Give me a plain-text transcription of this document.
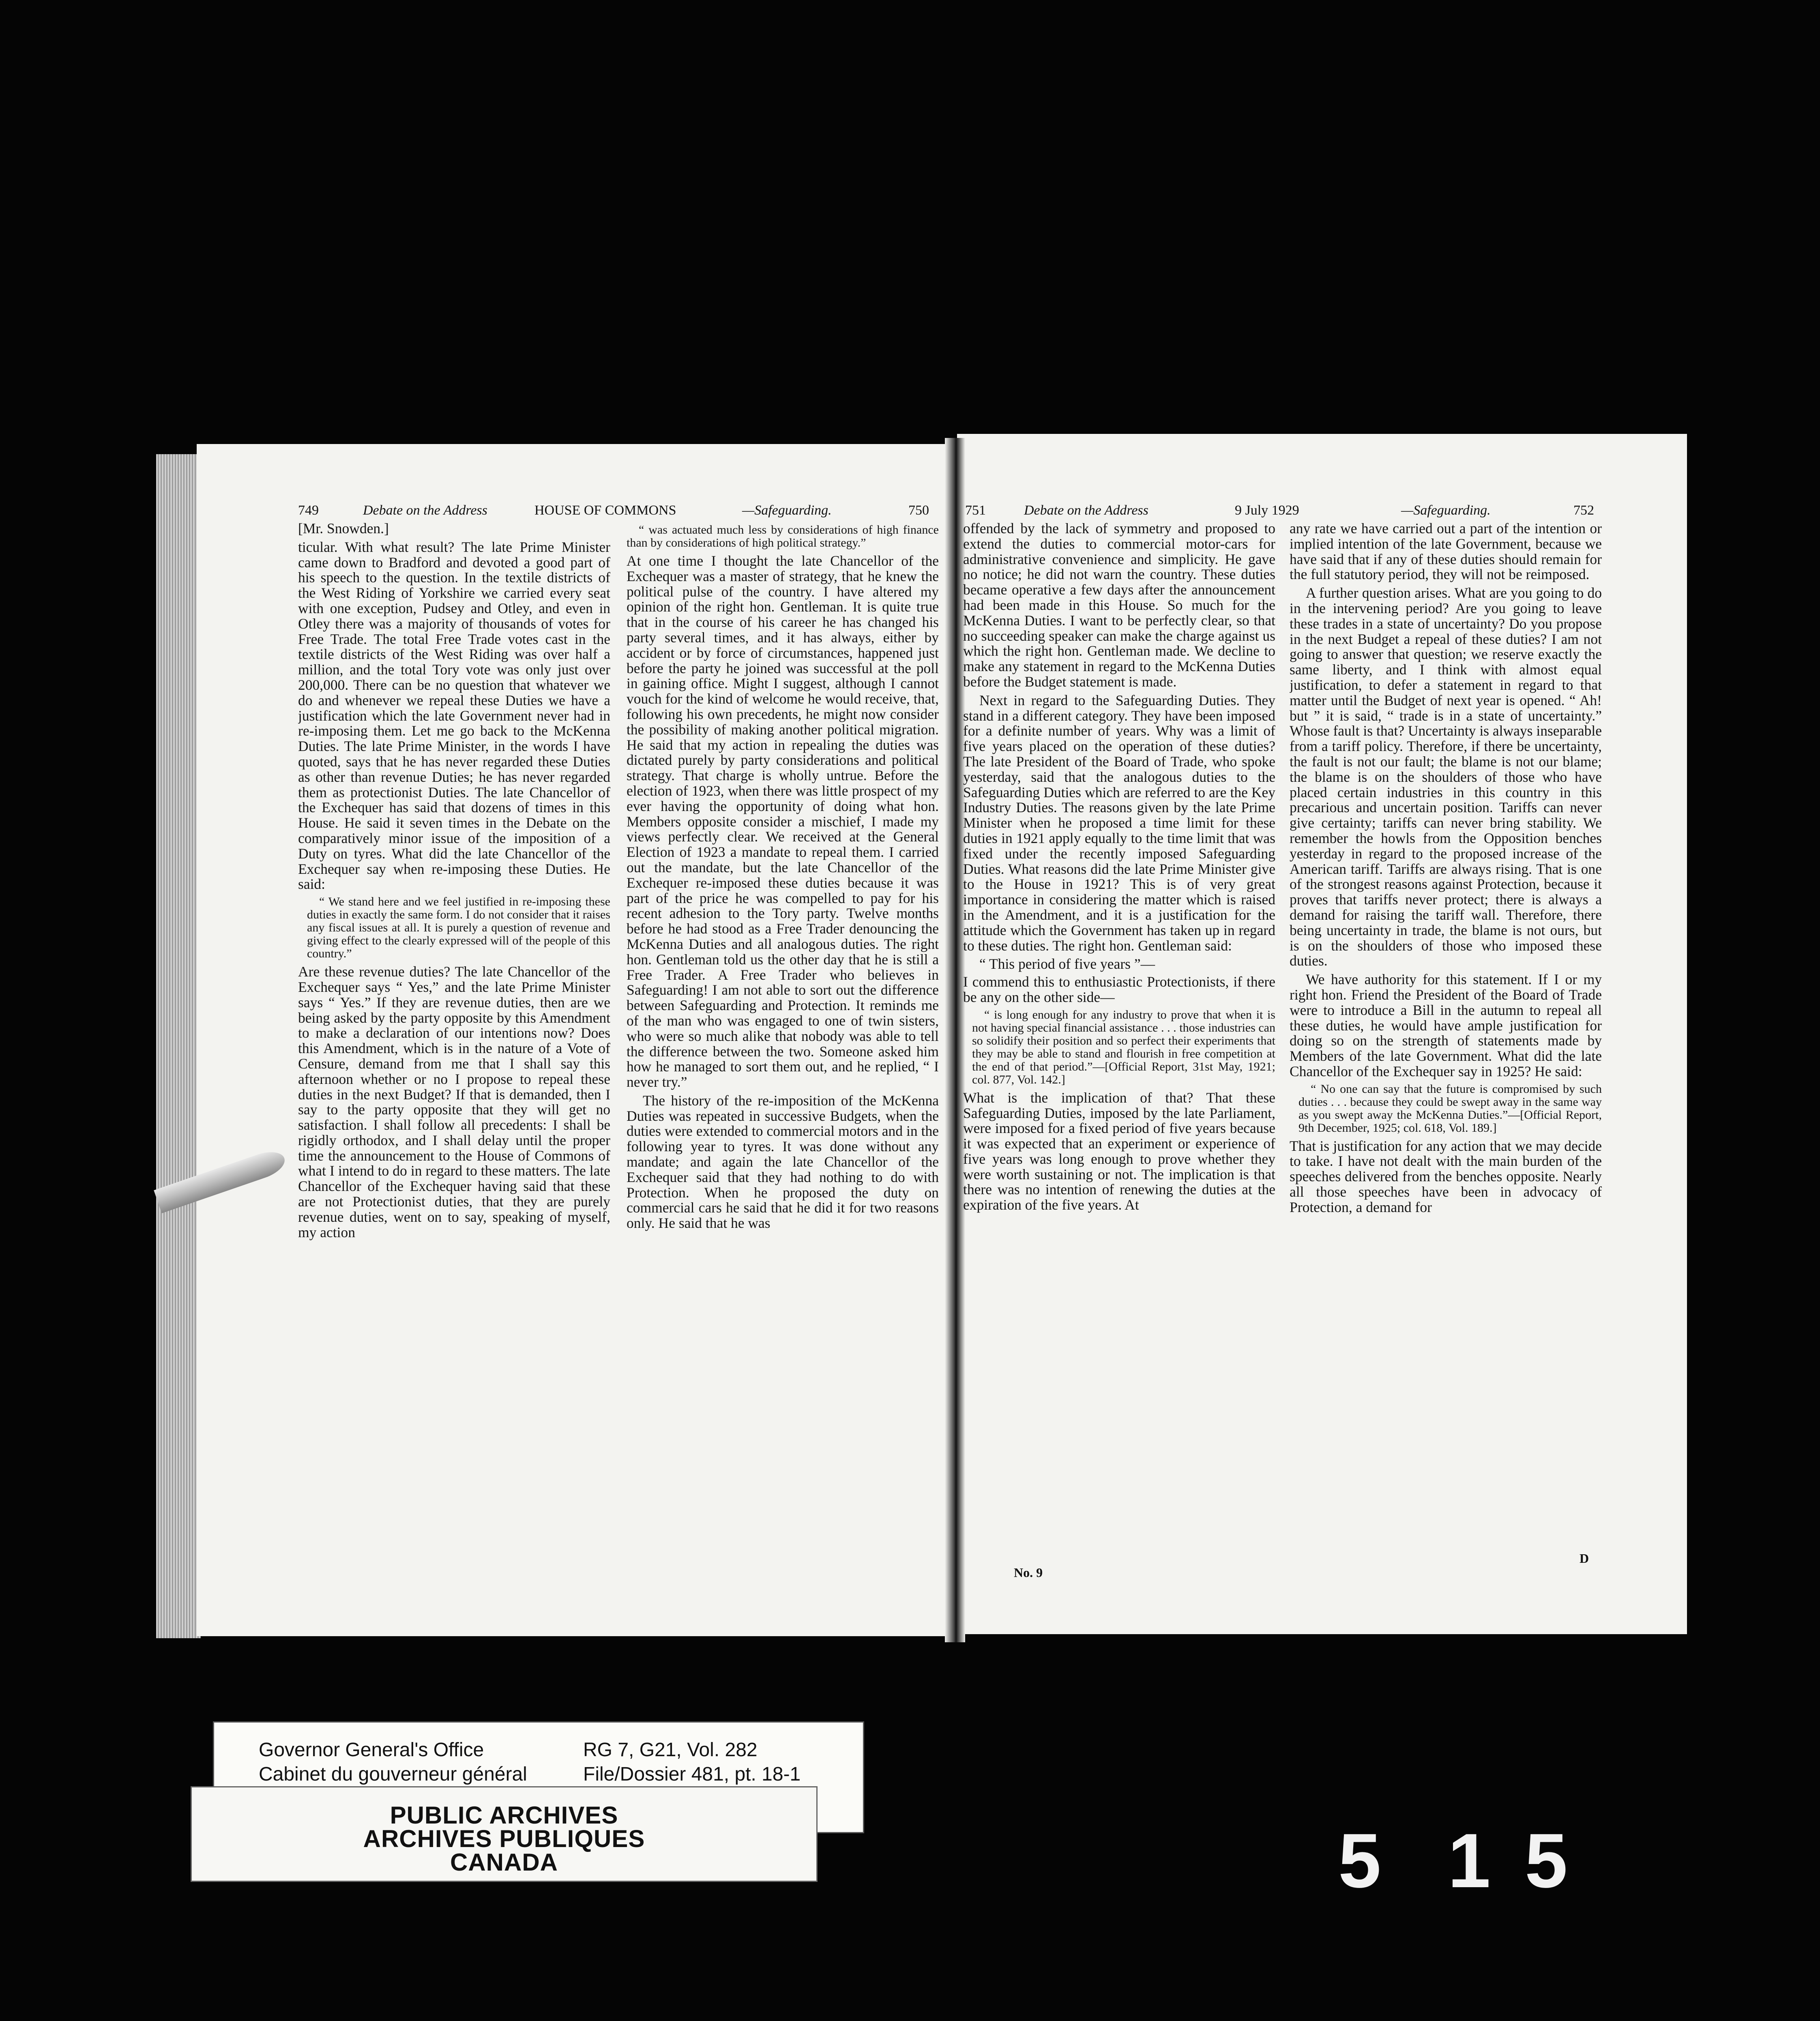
749	Debate on the Address	HOUSE OF COMMONS	—Safeguarding.	750	751	Debate on the Address	9 July 1929	—Safeguarding.	752

[Mr. Snowden.]

ticular. With what result? The late Prime Minister came down to Bradford and devoted a good part of his speech to the question. In the textile districts of the West Riding of Yorkshire we carried every seat with one exception, Pudsey and Otley, and even in Otley there was a majority of thousands of votes for Free Trade. The total Free Trade votes cast in the textile districts of the West Riding was over half a million, and the total Tory vote was only just over 200,000. There can be no question that whatever we do and whenever we repeal these Duties we have a justification which the late Government never had in re-imposing them. Let me go back to the McKenna Duties. The late Prime Minister, in the words I have quoted, says that he has never regarded these Duties as other than revenue Duties; he has never regarded them as protectionist Duties. The late Chancellor of the Exchequer has said that dozens of times in this House. He said it seven times in the Debate on the comparatively minor issue of the imposition of a Duty on tyres. What did the late Chancellor of the Exchequer say when re-imposing these Duties. He said:

“ We stand here and we feel justified in re-imposing these duties in exactly the same form. I do not consider that it raises any fiscal issues at all. It is purely a question of revenue and giving effect to the clearly expressed will of the people of this country.”

Are these revenue duties? The late Chancellor of the Exchequer says “ Yes,” and the late Prime Minister says “ Yes.” If they are revenue duties, then are we being asked by the party opposite by this Amendment to make a declaration of our intentions now? Does this Amendment, which is in the nature of a Vote of Censure, demand from me that I shall say this afternoon whether or no I propose to repeal these duties in the next Budget? If that is demanded, then I say to the party opposite that they will get no satisfaction. I shall follow all precedents: I shall be rigidly orthodox, and I shall delay until the proper time the announcement to the House of Commons of what I intend to do in regard to these matters. The late Chancellor of the Exchequer having said that these are not Protectionist duties, that they are purely revenue duties, went on to say, speaking of myself, my action

“ was actuated much less by considerations of high finance than by considerations of high political strategy.”

At one time I thought the late Chancellor of the Exchequer was a master of strategy, that he knew the political pulse of the country. I have altered my opinion of the right hon. Gentleman. It is quite true that in the course of his career he has changed his party several times, and it has always, either by accident or by force of circumstances, happened just before the party he joined was successful at the poll in gaining office. Might I suggest, although I cannot vouch for the kind of welcome he would receive, that, following his own precedents, he might now consider the possibility of making another political migration. He said that my action in repealing the duties was dictated purely by party considerations and political strategy. That charge is wholly untrue. Before the election of 1923, when there was little prospect of my ever having the opportunity of doing what hon. Members opposite consider a mischief, I made my views perfectly clear. We received at the General Election of 1923 a mandate to repeal them. I carried out the mandate, but the late Chancellor of the Exchequer re-imposed these duties because it was part of the price he was compelled to pay for his recent adhesion to the Tory party. Twelve months before he had stood as a Free Trader denouncing the McKenna Duties and all analogous duties. The right hon. Gentleman told us the other day that he is still a Free Trader. A Free Trader who believes in Safeguarding! I am not able to sort out the difference between Safeguarding and Protection. It reminds me of the man who was engaged to one of twin sisters, who were so much alike that nobody was able to tell the difference between the two. Someone asked him how he managed to sort them out, and he replied, “ I never try.”

The history of the re-imposition of the McKenna Duties was repeated in successive Budgets, when the duties were extended to commercial motors and in the following year to tyres. It was done without any mandate; and again the late Chancellor of the Exchequer said that they had nothing to do with Protection. When he proposed the duty on commercial cars he said that he did it for two reasons only. He said that he was

offended by the lack of symmetry and proposed to extend the duties to commercial motor-cars for administrative convenience and simplicity. He gave no notice; he did not warn the country. These duties became operative a few days after the announcement had been made in this House. So much for the McKenna Duties. I want to be perfectly clear, so that no succeeding speaker can make the charge against us which the right hon. Gentleman made. We decline to make any statement in regard to the McKenna Duties before the Budget statement is made.

Next in regard to the Safeguarding Duties. They stand in a different category. They have been imposed for a definite number of years. Why was a limit of five years placed on the operation of these duties? The late President of the Board of Trade, who spoke yesterday, said that the analogous duties to the Safeguarding Duties which are referred to are the Key Industry Duties. The reasons given by the late Prime Minister when he proposed a time limit for these duties in 1921 apply equally to the time limit that was fixed under the recently imposed Safeguarding Duties. What reasons did the late Prime Minister give to the House in 1921? This is of very great importance in considering the matter which is raised in the Amendment, and it is a justification for the attitude which the Government has taken up in regard to these duties. The right hon. Gentleman said:

“ This period of five years ”—

I commend this to enthusiastic Protectionists, if there be any on the other side—

“ is long enough for any industry to prove that when it is not having special financial assistance . . . those industries can so solidify their position and so perfect their experiments that they may be able to stand and flourish in free competition at the end of that period.”—[Official Report, 31st May, 1921; col. 877, Vol. 142.]

What is the implication of that? That these Safeguarding Duties, imposed by the late Parliament, were imposed for a fixed period of five years because it was expected that an experiment or experience of five years was long enough to prove whether they were worth sustaining or not. The implication is that there was no intention of renewing the duties at the expiration of the five years. At

any rate we have carried out a part of the intention or implied intention of the late Government, because we have said that if any of these duties should remain for the full statutory period, they will not be reimposed.

A further question arises. What are you going to do in the intervening period? Are you going to leave these trades in a state of uncertainty? Do you propose in the next Budget a repeal of these duties? I am not going to answer that question; we reserve exactly the same liberty, and I think with almost equal justification, to defer a statement in regard to that matter until the Budget of next year is opened. “ Ah! but ” it is said, “ trade is in a state of uncertainty.” Whose fault is that? Uncertainty is always inseparable from a tariff policy. Therefore, if there be uncertainty, the fault is not our fault; the blame is not our blame; the blame is on the shoulders of those who have placed certain industries in this country in this precarious and uncertain position. Tariffs can never give certainty; tariffs can never bring stability. We remember the howls from the Opposition benches yesterday in regard to the proposed increase of the American tariff. Tariffs are always rising. That is one of the strongest reasons against Protection, because it proves that tariffs never protect; there is always a demand for raising the tariff wall. Therefore, there being uncertainty in trade, the blame is not ours, but is on the shoulders of those who imposed these duties.

We have authority for this statement. If I or my right hon. Friend the President of the Board of Trade were to introduce a Bill in the autumn to repeal all these duties, he would have ample justification for doing so on the strength of statements made by Members of the late Government. What did the late Chancellor of the Exchequer say in 1925? He said:

“ No one can say that the future is compromised by such duties . . . because they could be swept away in the same way as you swept away the McKenna Duties.”—[Official Report, 9th December, 1925; col. 618, Vol. 189.]

That is justification for any action that we may decide to take. I have not dealt with the main burden of the speeches delivered from the benches opposite. Nearly all those speeches have been in advocacy of Protection, a demand for

No. 9
D
Governor General's Office
Cabinet du gouverneur général
RG 7, G21, Vol. 282
File/Dossier 481, pt. 18-1
PUBLIC ARCHIVES
ARCHIVES PUBLIQUES
CANADA	5 1 5
